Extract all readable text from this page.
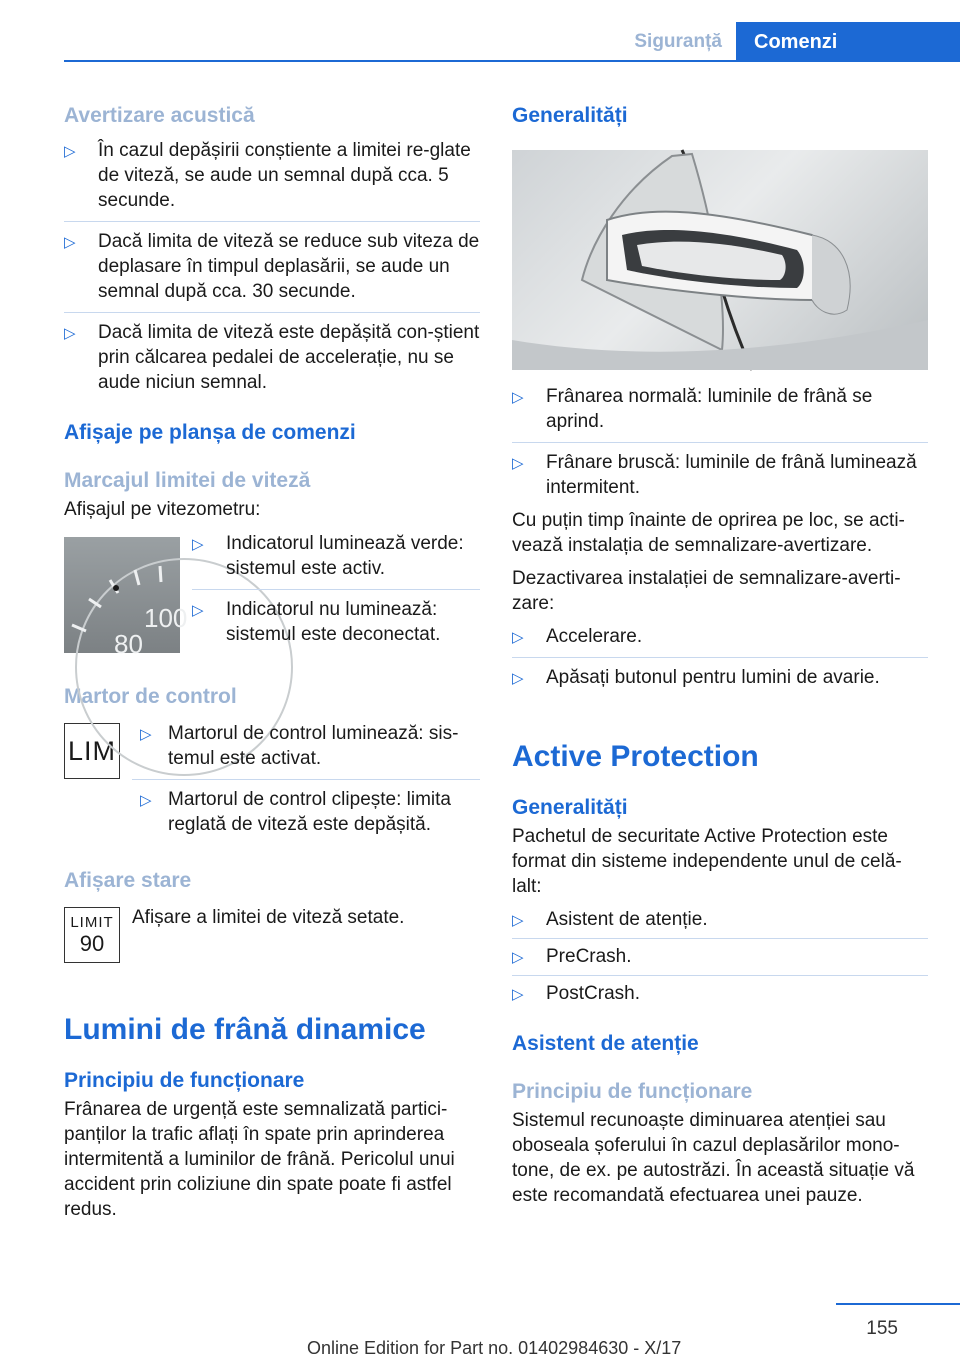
Siguranță	Comenzi
Avertizare acustică
▷ În cazul depășirii conștiente a limitei re-glate de viteză, se aude un semnal după cca. 5 secunde.
▷ Dacă limita de viteză se reduce sub viteza de deplasare în timpul deplasării, se aude un semnal după cca. 30 secunde.
▷ Dacă limita de viteză este depășită con-știent prin călcarea pedalei de accelerație, nu se aude niciun semnal.
Afișaje pe planșa de comenzi
Marcajul limitei de viteză
Afișajul pe vitezometru:
100
80
▷ Indicatorul luminează verde: sistemul este activ.
▷ Indicatorul nu luminează: sistemul este deconectat.
Martor de control
LIM
▷ Martorul de control luminează: sis-temul este activat.
▷ Martorul de control clipește: limita reglată de viteză este depășită.
Afișare stare
LIMIT
90
Afișare a limitei de viteză setate.
Lumini de frână dinamice
Principiu de funcționare
Frânarea de urgență este semnalizată partici-panților la trafic aflați în spate prin aprinderea intermitentă a luminilor de frână. Pericolul unui accident prin coliziune din spate poate fi astfel redus.
Generalități
▷ Frânarea normală: luminile de frână se aprind.
▷ Frânare bruscă: luminile de frână luminează intermitent.
Cu puțin timp înainte de oprirea pe loc, se acti-vează instalația de semnalizare-avertizare.
Dezactivarea instalației de semnalizare-averti-zare:
▷ Accelerare.
▷ Apăsați butonul pentru lumini de avarie.
Active Protection
Generalități
Pachetul de securitate Active Protection este format din sisteme independente unul de celă-lalt:
▷ Asistent de atenție.
▷ PreCrash.
▷ PostCrash.
Asistent de atenție
Principiu de funcționare
Sistemul recunoaște diminuarea atenției sau oboseala șoferului în cazul deplasărilor mono-tone, de ex. pe autostrăzi. În această situație vă este recomandată efectuarea unei pauze.
155
Online Edition for Part no. 01402984630 - X/17
